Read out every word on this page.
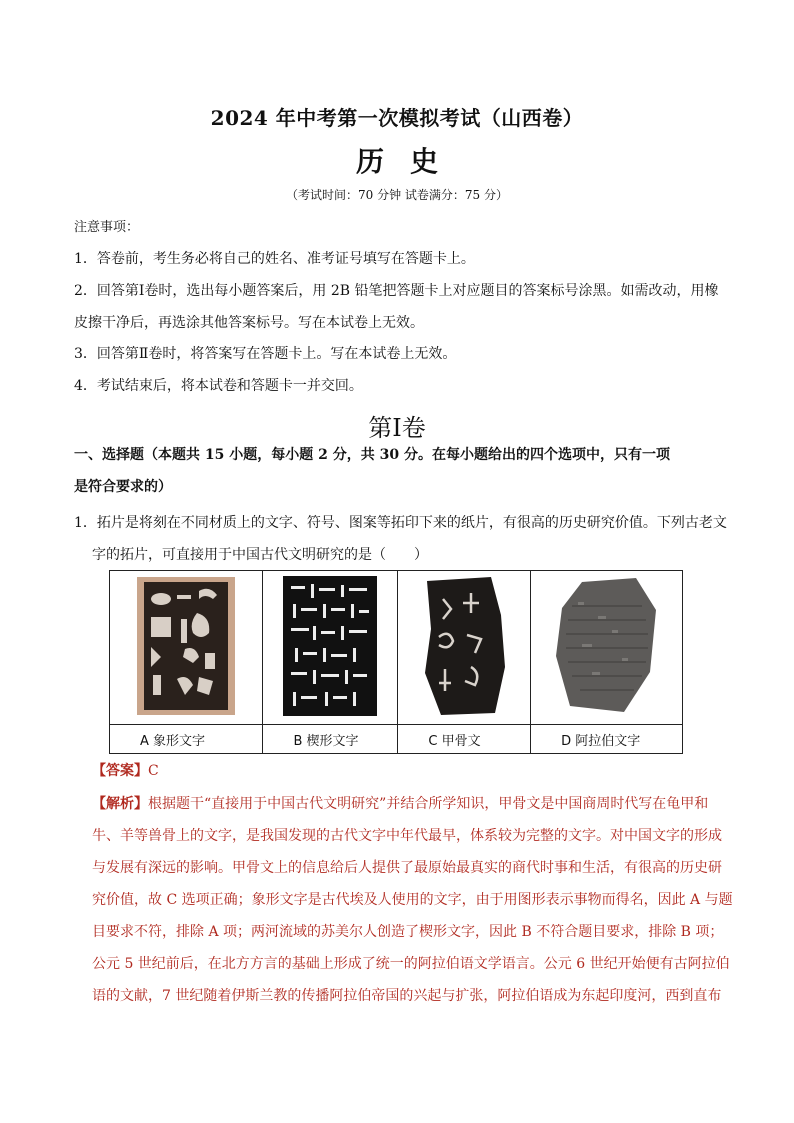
2024 年中考第一次模拟考试（山西卷）
历史
（考试时间：70 分钟 试卷满分：75 分）
注意事项：
1．答卷前，考生务必将自己的姓名、准考证号填写在答题卡上。
2．回答第Ⅰ卷时，选出每小题答案后，用 2B 铅笔把答题卡上对应题目的答案标号涂黑。如需改动，用橡
皮擦干净后，再选涂其他答案标号。写在本试卷上无效。
3．回答第Ⅱ卷时，将答案写在答题卡上。写在本试卷上无效。
4．考试结束后，将本试卷和答题卡一并交回。
第Ⅰ卷
一、选择题（本题共 15 小题，每小题 2 分，共 30 分。在每小题给出的四个选项中，只有一项
是符合要求的）
1．拓片是将刻在不同材质上的文字、符号、图案等拓印下来的纸片，有很高的历史研究价值。下列古老文
字的拓片，可直接用于中国古代文明研究的是（　　）

A 象形文字	B 楔形文字	C 甲骨文	D 阿拉伯文字
【答案】C
【解析】根据题干“直接用于中国古代文明研究”并结合所学知识，甲骨文是中国商周时代写在龟甲和
牛、羊等兽骨上的文字，是我国发现的古代文字中年代最早，体系较为完整的文字。对中国文字的形成
与发展有深远的影响。甲骨文上的信息给后人提供了最原始最真实的商代时事和生活，有很高的历史研
究价值，故 C 选项正确；象形文字是古代埃及人使用的文字，由于用图形表示事物而得名，因此 A 与题
目要求不符，排除 A 项；两河流域的苏美尔人创造了楔形文字，因此 B 不符合题目要求，排除 B 项；
公元 5 世纪前后，在北方方言的基础上形成了统一的阿拉伯语文学语言。公元 6 世纪开始便有古阿拉伯
语的文献，7 世纪随着伊斯兰教的传播阿拉伯帝国的兴起与扩张，阿拉伯语成为东起印度河，西到直布
